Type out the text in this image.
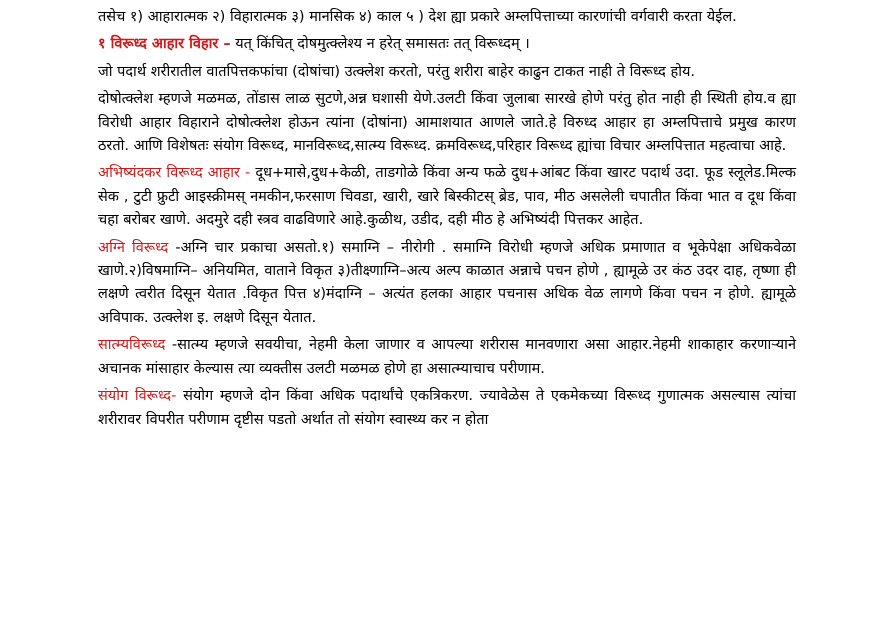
तसेच १) आहारात्मक २) विहारात्मक ३) मानसिक ४) काल ५ ) देश ह्या प्रकारे अम्लपित्ताच्या कारणांची वर्गवारी करता येईल.

१ विरूध्द आहार विहार – यत् किंचित् दोषमुत्क्लेश्य न हरेत् समासतः तत् विरूध्दम् ।

जो पदार्थ शरीरातील वातपित्तकफांचा (दोषांचा) उत्क्लेश करतो, परंतु शरीरा बाहेर काढुन टाकत नाही ते विरूध्द होय.

दोषोत्क्लेश म्हणजे मळमळ, तोंडास लाळ सुटणे,अन्न घशासी येणे.उलटी किंवा जुलाबा सारखे होणे परंतु होत नाही ही स्थिती होय.व ह्या विरोधी आहार विहाराने दोषोत्क्लेश होऊन त्यांना (दोषांना) आमाशयात आणले जाते.हे विरुध्द आहार हा अम्लपित्ताचे प्रमुख कारण ठरतो. आणि विशेषतः संयोग विरूध्द, मानविरूध्द,सात्म्य विरूध्द. क्रमविरूध्द,परिहार विरूध्द ह्यांचा विचार अम्लपित्तात महत्वाचा आहे.

अभिष्यंदकर विरूध्द आहार - दूध+मासे,दुध+केळी, ताडगोळे किंवा अन्य फळे दुध+आंबट किंवा खारट पदार्थ उदा. फूड स्लूलेड.मिल्क सेक , टुटी फ्रुटी आइस्क्रीमस् नमकीन,फरसाण चिवडा, खारी, खारे बिस्कीटस् ब्रेड, पाव, मीठ असलेली चपातीत किंवा भात व दूध किंवा चहा बरोबर खाणे. अदमुरे दही स्त्रव वाढविणारे आहे.कुळीथ, उडीद, दही मीठ हे अभिष्यंदी पित्तकर आहेत.

अग्नि विरूध्द -अग्नि चार प्रकाचा असतो.१) समाग्नि – नीरोगी . समाग्नि विरोधी म्हणजे अधिक प्रमाणात व भूकेपेक्षा अधिकवेळा खाणे.२)विषमाग्नि– अनियमित, वाताने विकृत ३)तीक्ष्णाग्नि–अत्य अल्प काळात अन्नाचे पचन होणे , ह्यामूळे उर कंठ उदर दाह, तृष्णा ही लक्षणे त्वरीत दिसून येतात .विकृत पित्त ४)मंदाग्नि – अत्यंत हलका आहार पचनास अधिक वेळ लागणे किंवा पचन न होणे. ह्यामूळे अविपाक. उत्क्लेश इ. लक्षणे दिसून येतात.

सात्म्यविरूध्द -सात्म्य म्हणजे सवयीचा, नेहमी केला जाणार व आपल्या शरीरास मानवणारा असा आहार.नेहमी शाकाहार करणाऱ्याने अचानक मांसाहार केल्यास त्या व्यक्तीस उलटी मळमळ होणे हा असात्म्याचाच परीणाम.

संयोग विरूध्द- संयोग म्हणजे दोन किंवा अधिक पदार्थांचे एकत्रिकरण. ज्यावेळेस ते एकमेकच्या विरूध्द गुणात्मक असल्यास त्यांचा शरीरावर विपरीत परीणाम दृष्टीस पडतो अर्थात तो संयोग स्वास्थ्य कर न होता
